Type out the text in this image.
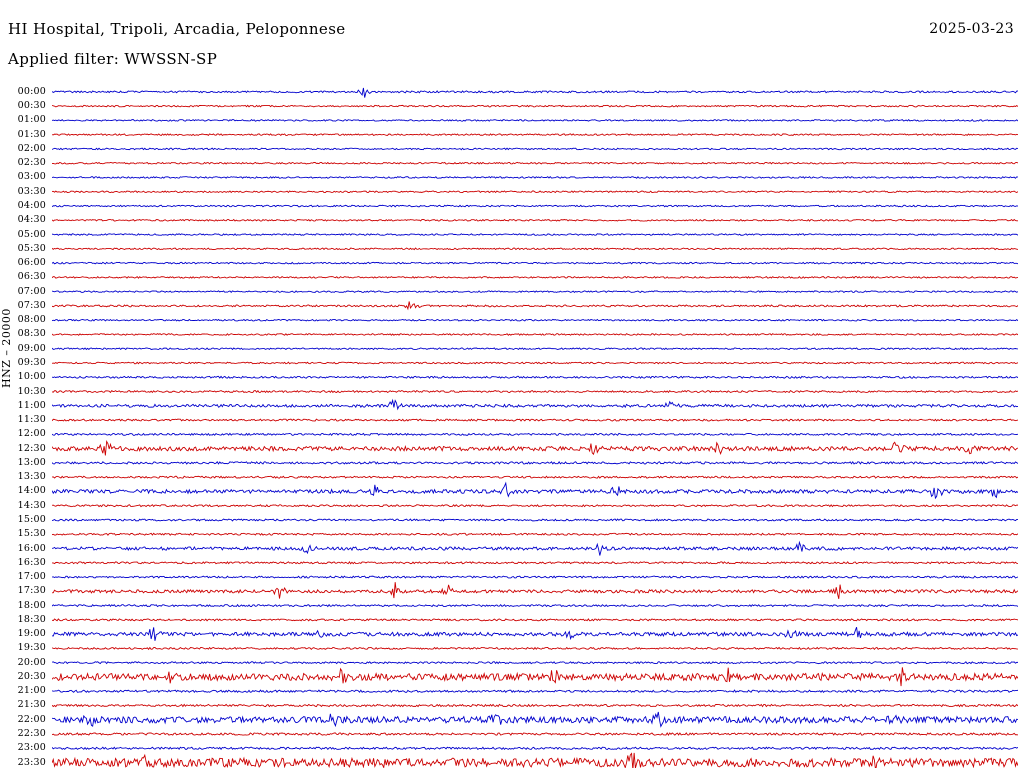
HI Hospital, Tripoli, Arcadia, Peloponnese	2025-03-23
Applied filter: WWSSN-SP
HNZ – 20000
00:00
00:30
01:00
01:30
02:00
02:30
03:00
03:30
04:00
04:30
05:00
05:30
06:00
06:30
07:00
07:30
08:00
08:30
09:00
09:30
10:00
10:30
11:00
11:30
12:00
12:30
13:00
13:30
14:00
14:30
15:00
15:30
16:00
16:30
17:00
17:30
18:00
18:30
19:00
19:30
20:00
20:30
21:00
21:30
22:00
22:30
23:00
23:30
